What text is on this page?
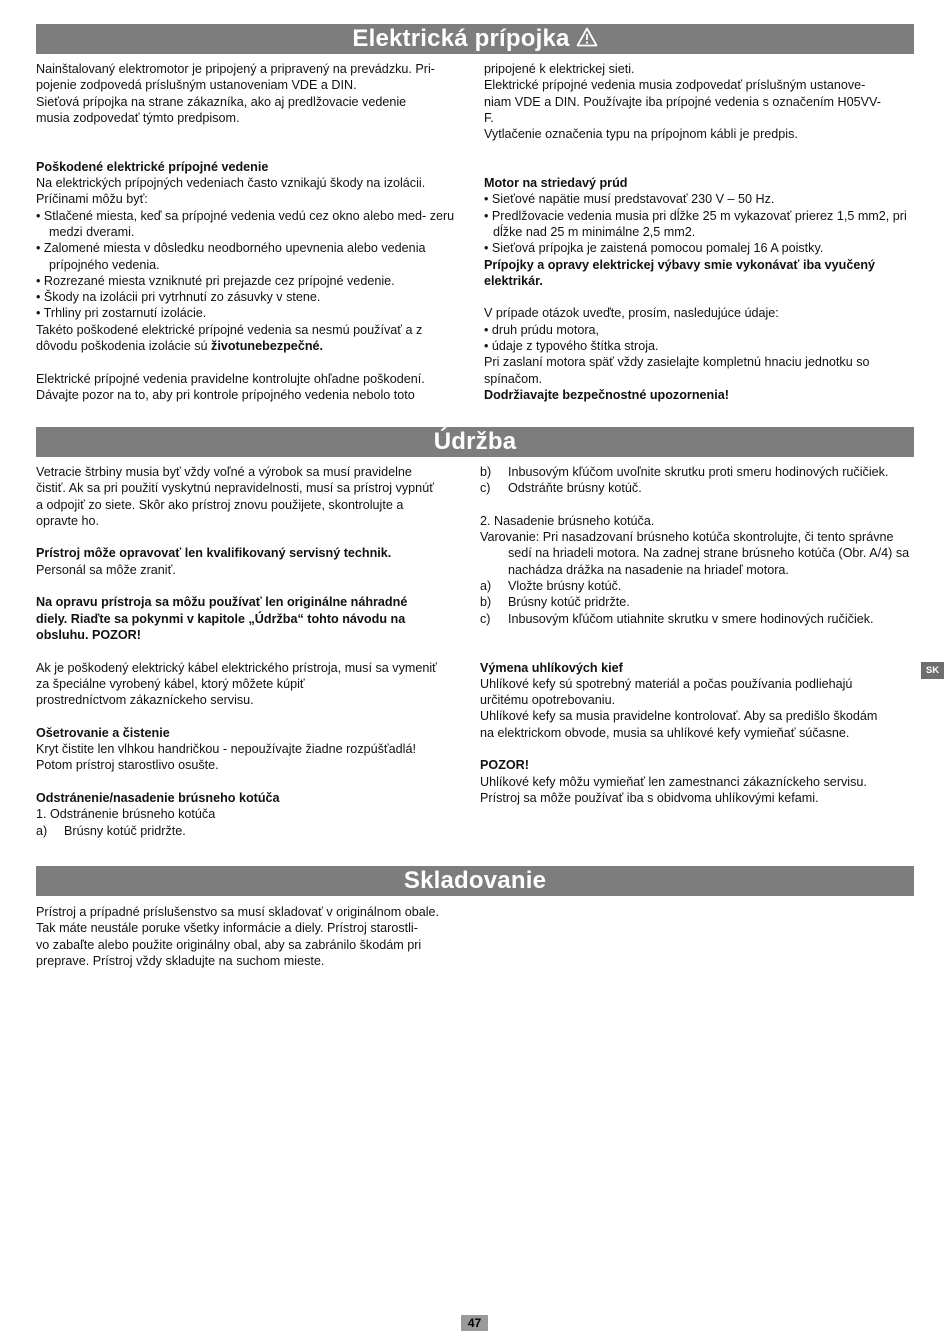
Elektrická prípojka

Nainštalovaný elektromotor je pripojený a pripravený na prevádzku. Pri-

pojenie zodpovedá príslušným ustanoveniam VDE a DIN.

Sieťová prípojka na strane zákazníka, ako aj predlžovacie vedenie

musia zodpovedať týmto predpisom.

Poškodené elektrické prípojné vedenie

Na elektrických prípojných vedeniach často vznikajú škody na izolácii.

Príčinami môžu byť:

• Stlačené miesta, keď sa prípojné vedenia vedú cez okno alebo med- zeru medzi dverami.

• Zalomené miesta v dôsledku neodborného upevnenia alebo vedenia prípojného vedenia.

• Rozrezané miesta vzniknuté pri prejazde cez prípojné vedenie.

• Škody na izolácii pri vytrhnutí zo zásuvky v stene.

• Trhliny pri zostarnutí izolácie.

Takéto poškodené elektrické prípojné vedenia sa nesmú používať a z

dôvodu poškodenia izolácie sú životunebezpečné.

Elektrické prípojné vedenia pravidelne kontrolujte ohľadne poškodení.

Dávajte pozor na to, aby pri kontrole prípojného vedenia nebolo toto

pripojené k elektrickej sieti.

Elektrické prípojné vedenia musia zodpovedať príslušným ustanove-

niam VDE a DIN. Používajte iba prípojné vedenia s označením H05VV-

F.

Vytlačenie označenia typu na prípojnom kábli je predpis.

Motor na striedavý prúd

• Sieťové napätie musí predstavovať 230 V – 50 Hz.

• Predlžovacie vedenia musia pri dĺžke 25 m vykazovať prierez 1,5 mm2, pri dĺžke nad 25 m minimálne 2,5 mm2.

• Sieťová prípojka je zaistená pomocou pomalej 16 A poistky.

Prípojky a opravy elektrickej výbavy smie vykonávať iba vyučený elektrikár.

V prípade otázok uveďte, prosím, nasledujúce údaje:

• druh prúdu motora,

• údaje z typového štítka stroja.

Pri zaslaní motora späť vždy zasielajte kompletnú hnaciu jednotku so

spínačom.

Dodržiavajte bezpečnostné upozornenia!

Údržba

Vetracie štrbiny musia byť vždy voľné a výrobok sa musí pravidelne

čistiť. Ak sa pri použití vyskytnú nepravidelnosti, musí sa prístroj vypnúť

a odpojiť zo siete. Skôr ako prístroj znovu použijete, skontrolujte a

opravte ho.

Prístroj môže opravovať len kvalifikovaný servisný technik.

Personál sa môže zraniť.

Na opravu prístroja sa môžu používať len originálne náhradné

diely. Riaďte sa pokynmi v kapitole „Údržba“ tohto návodu na

obsluhu. POZOR!

Ak je poškodený elektrický kábel elektrického prístroja, musí sa vymeniť

za špeciálne vyrobený kábel, ktorý môžete kúpiť

prostredníctvom zákazníckeho servisu.

Ošetrovanie a čistenie

Kryt čistite len vlhkou handričkou - nepoužívajte žiadne rozpúšťadlá!

Potom prístroj starostlivo osušte.

Odstránenie/nasadenie brúsneho kotúča

1. Odstránenie brúsneho kotúča

a) Brúsny kotúč pridržte.

b) Inbusovým kľúčom uvoľnite skrutku proti smeru hodinových ručičiek.

c) Odstráňte brúsny kotúč.

2. Nasadenie brúsneho kotúča.

Varovanie: Pri nasadzovaní brúsneho kotúča skontrolujte, či tento správne sedí na hriadeli motora. Na zadnej strane brúsneho kotúča (Obr. A/4) sa nachádza drážka na nasadenie na hriadeľ motora.

a) Vložte brúsny kotúč.

b) Brúsny kotúč pridržte.

c) Inbusovým kľúčom utiahnite skrutku v smere hodinových ručičiek.

Výmena uhlíkových kief

Uhlíkové kefy sú spotrebný materiál a počas používania podliehajú

určitému opotrebovaniu.

Uhlíkové kefy sa musia pravidelne kontrolovať. Aby sa predišlo škodám

na elektrickom obvode, musia sa uhlíkové kefy vymieňať súčasne.

POZOR!

Uhlíkové kefy môžu vymieňať len zamestnanci zákazníckeho servisu.

Prístroj sa môže používať iba s obidvoma uhlíkovými kefami.

SK
Skladovanie

Prístroj a prípadné príslušenstvo sa musí skladovať v originálnom obale.

Tak máte neustále poruke všetky informácie a diely. Prístroj starostli-

vo zabaľte alebo použite originálny obal, aby sa zabránilo škodám pri

preprave. Prístroj vždy skladujte na suchom mieste.

47
